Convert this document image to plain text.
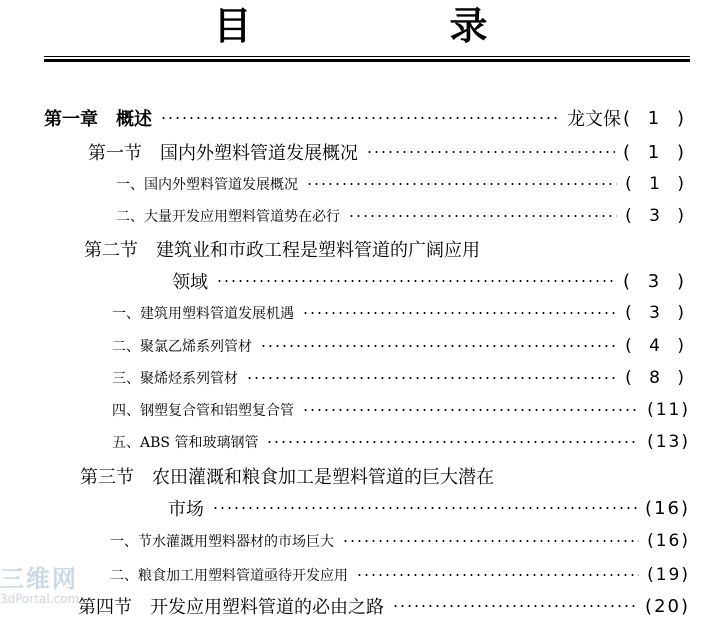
目　录
第一章　概述	龙文保 ( 1 )
第一节　国内外塑料管道发展概况	( 1 )
一、国内外塑料管道发展概况	( 1 )
二、大量开发应用塑料管道势在必行	( 3 )
第二节　建筑业和市政工程是塑料管道的广阔应用
领域	( 3 )
一、建筑用塑料管道发展机遇	( 3 )
二、聚氯乙烯系列管材	( 4 )
三、聚烯烃系列管材	( 8 )
四、钢塑复合管和铝塑复合管	(11)
五、ABS 管和玻璃钢管	(13)
第三节　农田灌溉和粮食加工是塑料管道的巨大潜在
市场	(16)
一、节水灌溉用塑料器材的市场巨大	(16)
二、粮食加工用塑料管道亟待开发应用	(19)
第四节　开发应用塑料管道的必由之路	(20)
三维网
3dPortal.com
